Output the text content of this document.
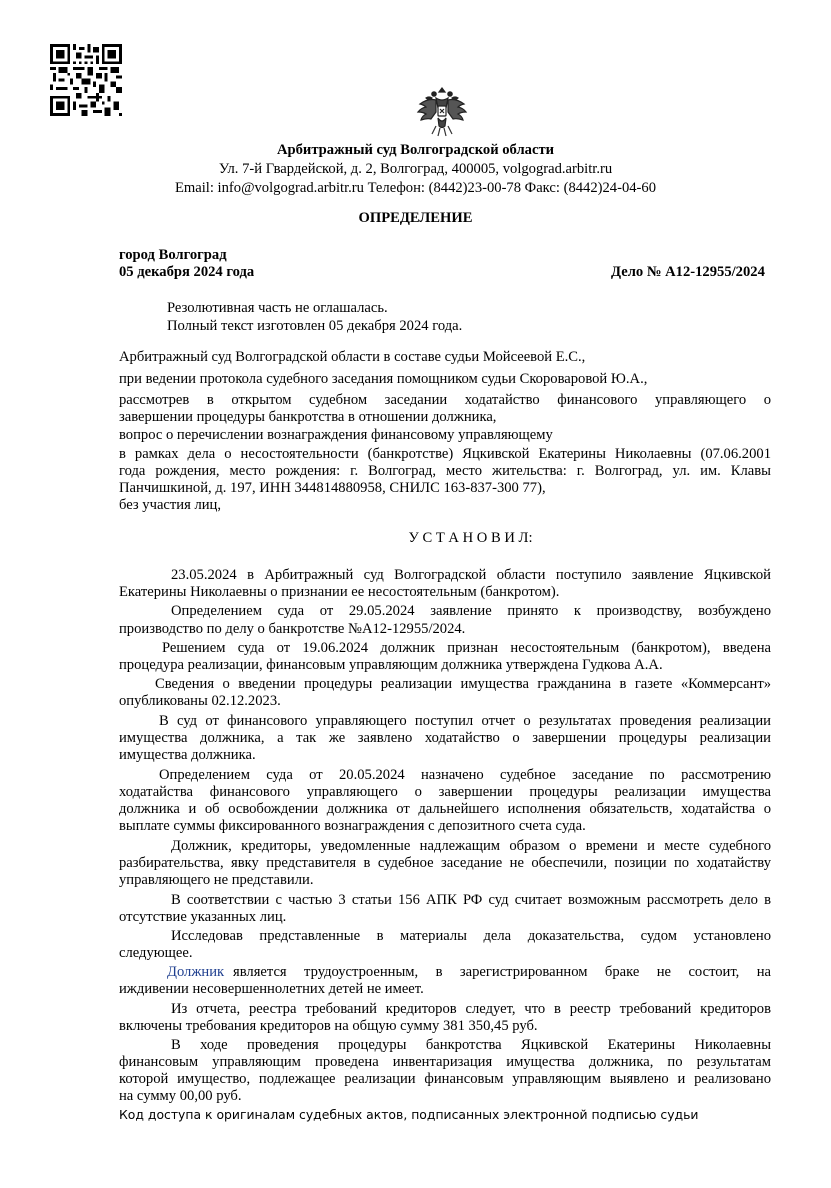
Арбитражный суд Волгоградской области
Ул. 7-й Гвардейской, д. 2, Волгоград, 400005, volgograd.arbitr.ru
Email: info@volgograd.arbitr.ru Телефон: (8442)23-00-78 Факс: (8442)24-04-60
ОПРЕДЕЛЕНИЕ
город Волгоград
05 декабря 2024 года	Дело № А12-12955/2024
Резолютивная часть не оглашалась.
Полный текст изготовлен 05 декабря 2024 года.
Арбитражный суд Волгоградской области в составе судьи Мойсеевой Е.С.,
при ведении протокола судебного заседания помощником судьи Скороваровой Ю.А.,
рассмотрев в открытом судебном заседании ходатайство финансового управляющего о
завершении процедуры банкротства в отношении должника,
вопрос о перечислении вознаграждения финансовому управляющему
в рамках дела о несостоятельности (банкротстве) Яцкивской Екатерины Николаевны (07.06.2001
года рождения, место рождения: г. Волгоград, место жительства: г. Волгоград, ул. им. Клавы
Панчишкиной, д. 197, ИНН 344814880958, СНИЛС 163-837-300 77),
без участия лиц,
У С Т А Н О В И Л:
23.05.2024 в Арбитражный суд Волгоградской области поступило заявление Яцкивской
Екатерины Николаевны о признании ее несостоятельным (банкротом).
Определением суда от 29.05.2024 заявление принято к производству, возбуждено
производство по делу о банкротстве №А12-12955/2024.
Решением суда от 19.06.2024 должник признан несостоятельным (банкротом), введена
процедура реализации, финансовым управляющим должника утверждена Гудкова А.А.
Сведения о введении процедуры реализации имущества гражданина в газете «Коммерсант»
опубликованы 02.12.2023.
В суд от финансового управляющего поступил отчет о результатах проведения реализации
имущества должника, а так же заявлено ходатайство о завершении процедуры реализации
имущества должника.
Определением суда от 20.05.2024 назначено судебное заседание по рассмотрению
ходатайства финансового управляющего о завершении процедуры реализации имущества
должника и об освобождении должника от дальнейшего исполнения обязательств, ходатайства о
выплате суммы фиксированного вознаграждения с депозитного счета суда.
Должник, кредиторы, уведомленные надлежащим образом о времени и месте судебного
разбирательства, явку представителя в судебное заседание не обеспечили, позиции по ходатайству
управляющего не представили.
В соответствии с частью 3 статьи 156 АПК РФ суд считает возможным рассмотреть дело в
отсутствие указанных лиц.
Исследовав представленные в материалы дела доказательства, судом установлено
следующее.
Должник является трудоустроенным, в зарегистрированном браке не состоит, на
иждивении несовершеннолетних детей не имеет.
Из отчета, реестра требований кредиторов следует, что в реестр требований кредиторов
включены требования кредиторов на общую сумму 381 350,45 руб.
В ходе проведения процедуры банкротства Яцкивской Екатерины Николаевны
финансовым управляющим проведена инвентаризация имущества должника, по результатам
которой имущество, подлежащее реализации финансовым управляющим выявлено и реализовано
на сумму 00,00 руб.
Код доступа к оригиналам судебных актов, подписанных электронной подписью судьи
